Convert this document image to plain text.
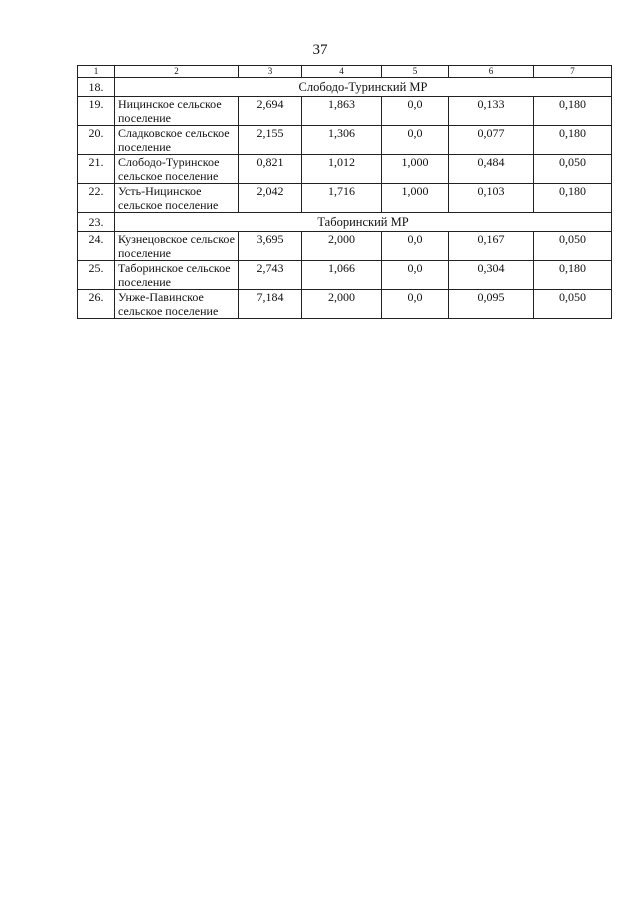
37
1	2	3	4	5	6	7
18.	Слободо-Туринский МР					
19.	Ницинское сельское поселение	2,694	1,863	0,0	0,133	0,180
20.	Сладковское сельское поселение	2,155	1,306	0,0	0,077	0,180
21.	Слободо-Туринское сельское поселение	0,821	1,012	1,000	0,484	0,050
22.	Усть-Ницинское сельское поселение	2,042	1,716	1,000	0,103	0,180
23.	Таборинский МР					
24.	Кузнецовское сельское поселение	3,695	2,000	0,0	0,167	0,050
25.	Таборинское сельское поселение	2,743	1,066	0,0	0,304	0,180
26.	Унже-Павинское сельское поселение	7,184	2,000	0,0	0,095	0,050
